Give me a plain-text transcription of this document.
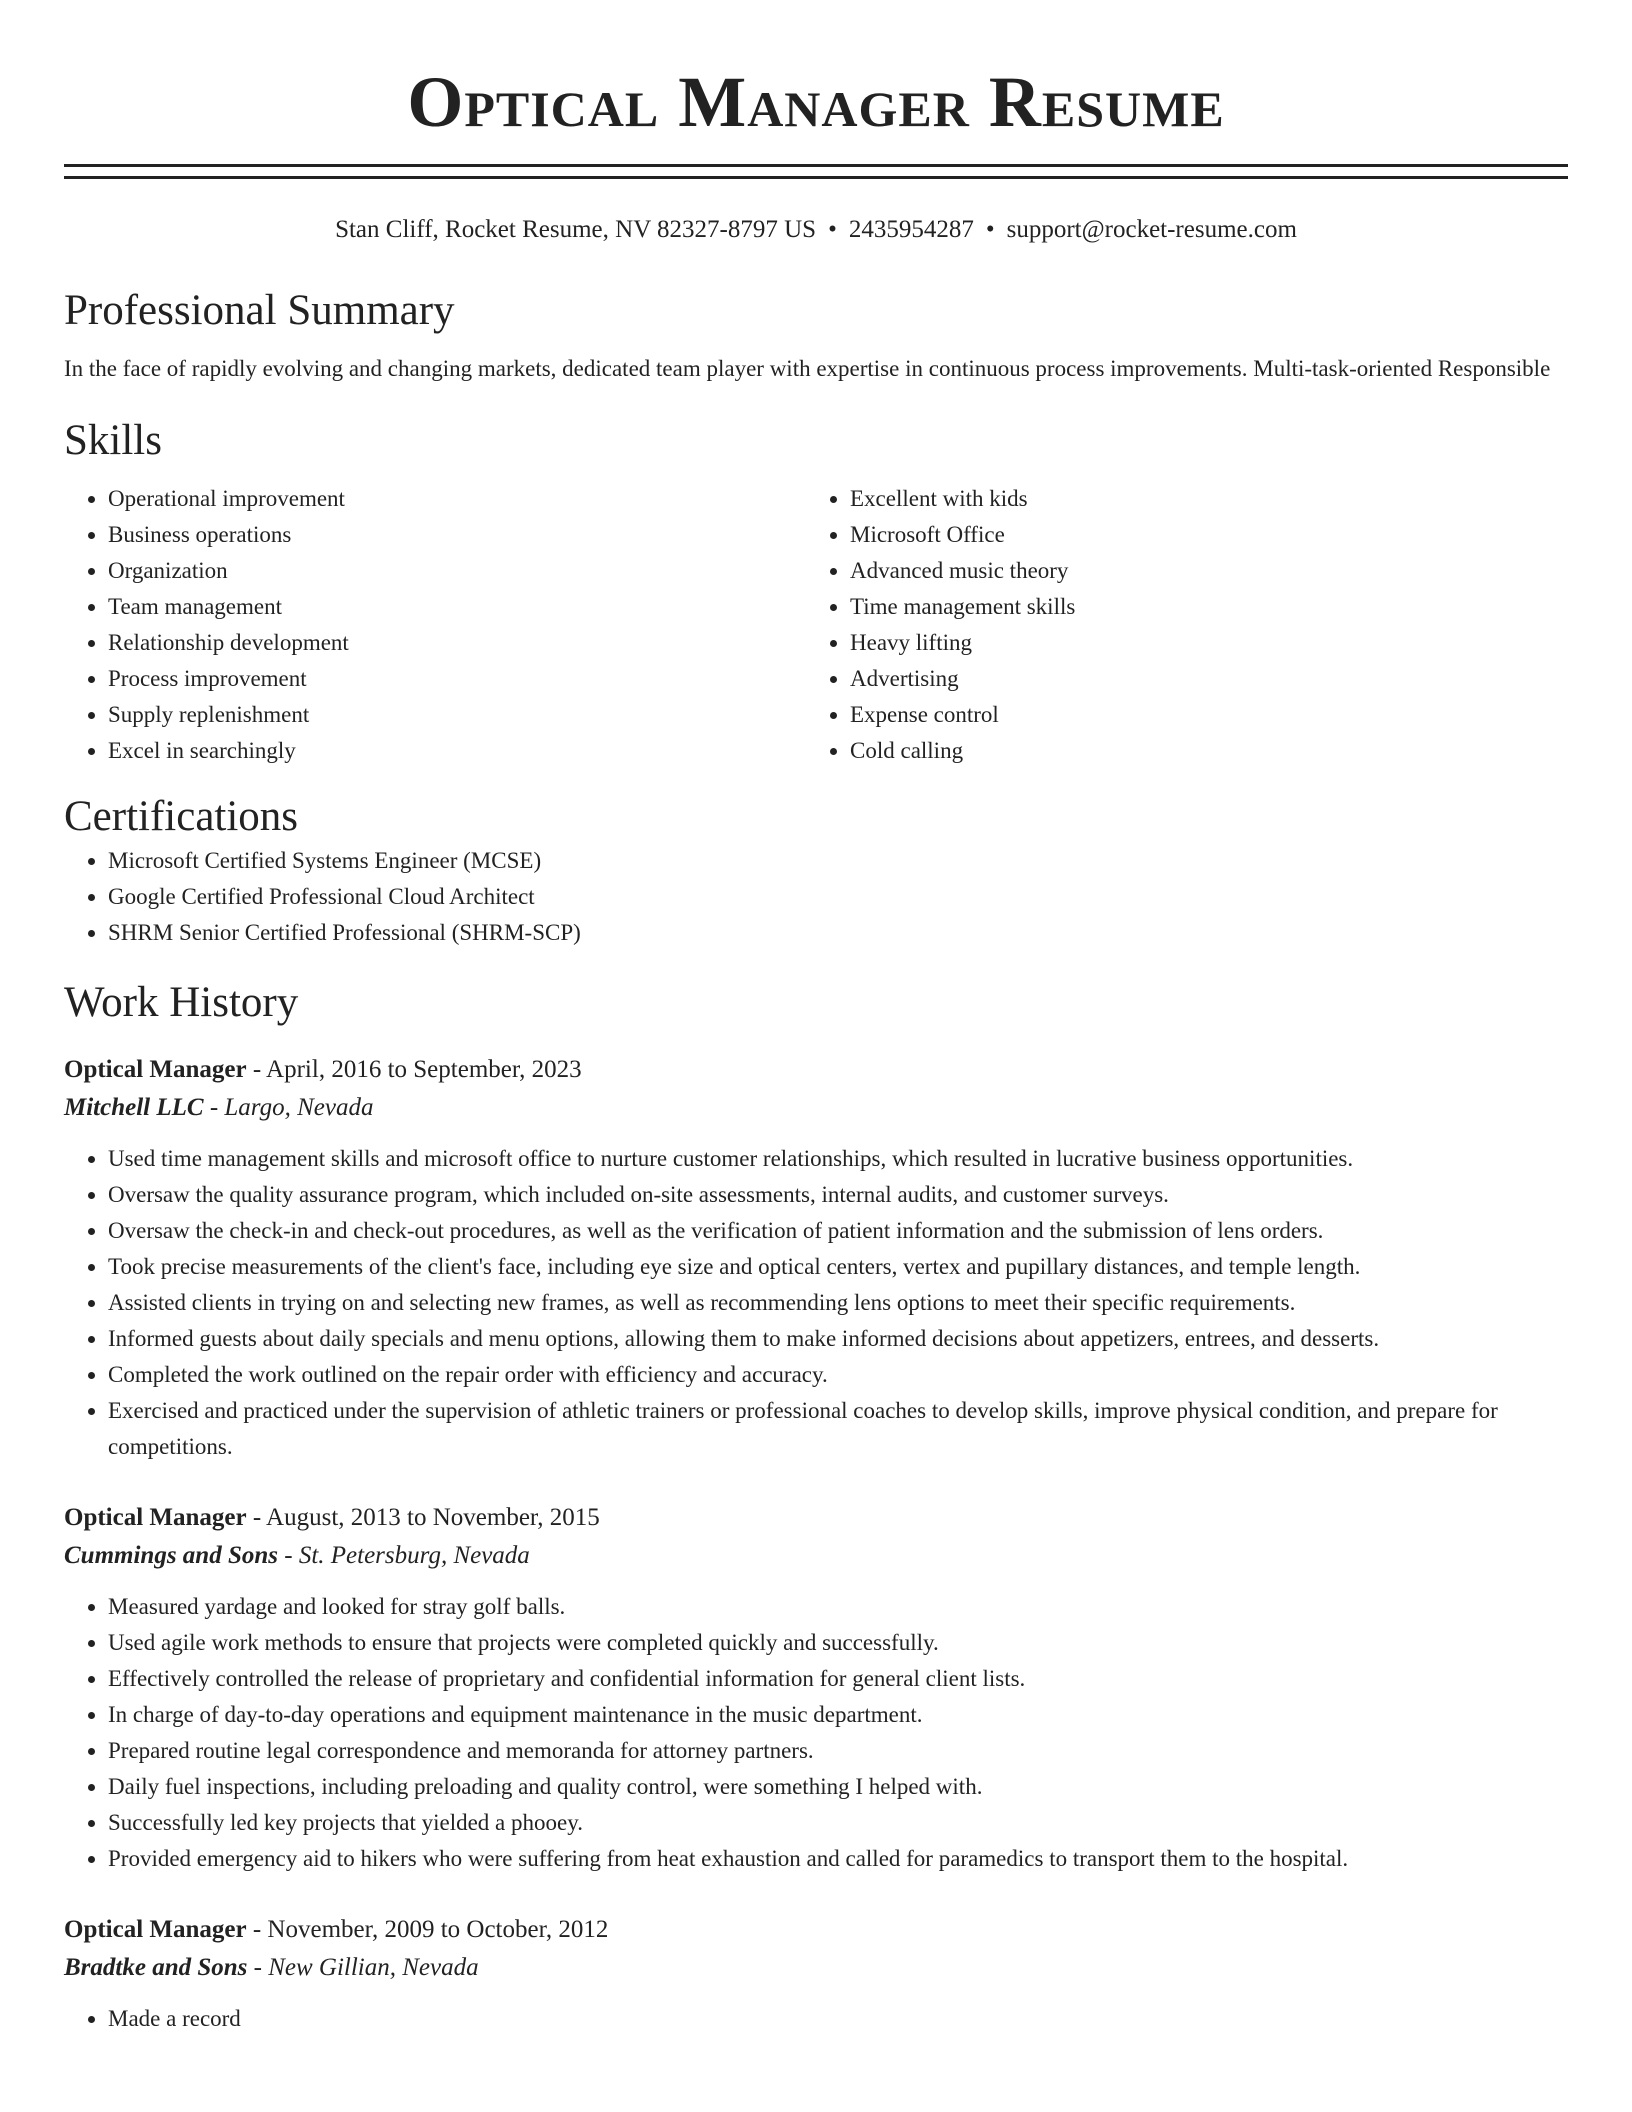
Optical Manager Resume
Stan Cliff, Rocket Resume, NV 82327-8797 US • 2435954287 • support@rocket-resume.com
Professional Summary

In the face of rapidly evolving and changing markets, dedicated team player with expertise in continuous process improvements. Multi-task-oriented Responsible

Skills
• Operational improvement
• Business operations
• Organization
• Team management
• Relationship development
• Process improvement
• Supply replenishment
• Excel in searchingly
• Excellent with kids
• Microsoft Office
• Advanced music theory
• Time management skills
• Heavy lifting
• Advertising
• Expense control
• Cold calling
Certifications
• Microsoft Certified Systems Engineer (MCSE)
• Google Certified Professional Cloud Architect
• SHRM Senior Certified Professional (SHRM-SCP)
Work History
Optical Manager - April, 2016 to September, 2023
Mitchell LLC - Largo, Nevada
• Used time management skills and microsoft office to nurture customer relationships, which resulted in lucrative business opportunities.
• Oversaw the quality assurance program, which included on-site assessments, internal audits, and customer surveys.
• Oversaw the check-in and check-out procedures, as well as the verification of patient information and the submission of lens orders.
• Took precise measurements of the client's face, including eye size and optical centers, vertex and pupillary distances, and temple length.
• Assisted clients in trying on and selecting new frames, as well as recommending lens options to meet their specific requirements.
• Informed guests about daily specials and menu options, allowing them to make informed decisions about appetizers, entrees, and desserts.
• Completed the work outlined on the repair order with efficiency and accuracy.
• Exercised and practiced under the supervision of athletic trainers or professional coaches to develop skills, improve physical condition, and prepare for competitions.
Optical Manager - August, 2013 to November, 2015
Cummings and Sons - St. Petersburg, Nevada
• Measured yardage and looked for stray golf balls.
• Used agile work methods to ensure that projects were completed quickly and successfully.
• Effectively controlled the release of proprietary and confidential information for general client lists.
• In charge of day-to-day operations and equipment maintenance in the music department.
• Prepared routine legal correspondence and memoranda for attorney partners.
• Daily fuel inspections, including preloading and quality control, were something I helped with.
• Successfully led key projects that yielded a phooey.
• Provided emergency aid to hikers who were suffering from heat exhaustion and called for paramedics to transport them to the hospital.
Optical Manager - November, 2009 to October, 2012
Bradtke and Sons - New Gillian, Nevada
• Made a record
